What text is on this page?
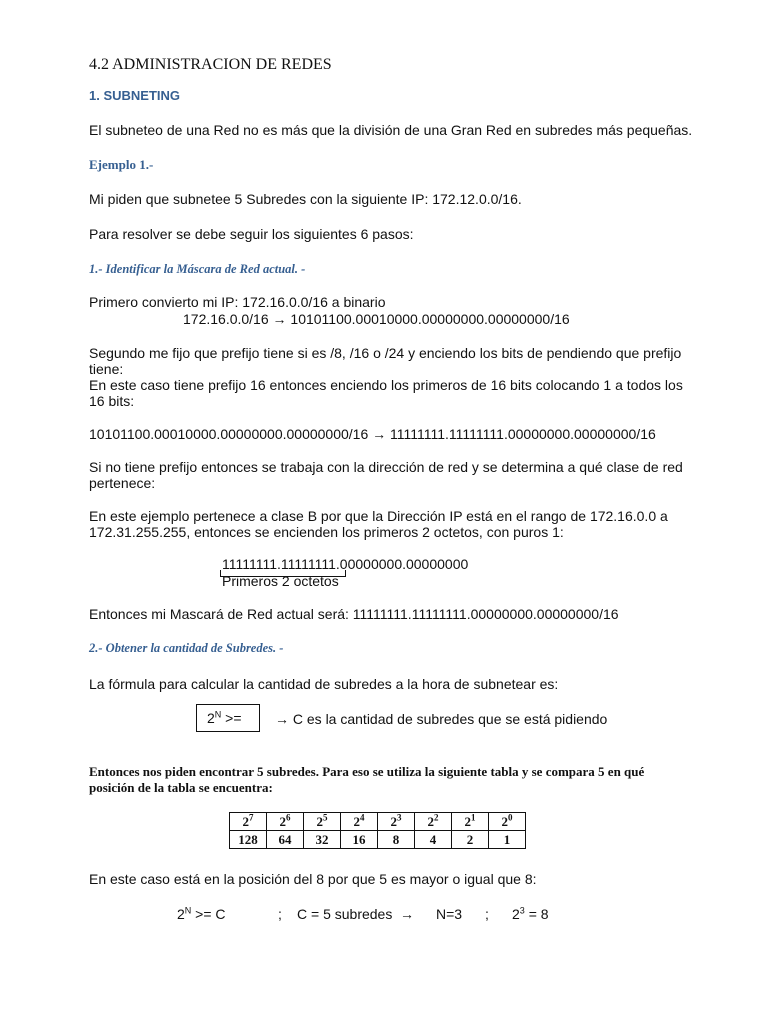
4.2 ADMINISTRACION DE REDES
1. SUBNETING
El subneteo de una Red no es más que la división de una Gran Red en subredes más pequeñas.
Ejemplo 1.-
Mi piden que subnetee 5 Subredes con la siguiente IP: 172.12.0.0/16.
Para resolver se debe seguir los siguientes 6 pasos:
1.- Identificar la Máscara de Red actual. -
Primero convierto mi IP: 172.16.0.0/16 a binario
172.16.0.0/16 → 10101100.00010000.00000000.00000000/16
Segundo me fijo que prefijo tiene si es /8, /16 o /24 y enciendo los bits de pendiendo que prefijo
tiene:
En este caso tiene prefijo 16 entonces enciendo los primeros de 16 bits colocando 1 a todos los
16 bits:
10101100.00010000.00000000.00000000/16 → 11111111.11111111.00000000.00000000/16
Si no tiene prefijo entonces se trabaja con la dirección de red y se determina a qué clase de red
pertenece:
En este ejemplo pertenece a clase B por que la Dirección IP está en el rango de 172.16.0.0 a
172.31.255.255, entonces se encienden los primeros 2 octetos, con puros 1:
11111111.11111111.00000000.00000000
Primeros 2 octetos
Entonces mi Mascará de Red actual será: 11111111.11111111.00000000.00000000/16
2.- Obtener la cantidad de Subredes. -
La fórmula para calcular la cantidad de subredes a la hora de subnetear es:
$2^N$ >=	→ C es la cantidad de subredes que se está pidiendo
Entonces nos piden encontrar 5 subredes. Para eso se utiliza la siguiente tabla y se compara 5 en qué
posición de la tabla se encuentra:
$2^7$	$2^6$	$2^5$	$2^4$	$2^3$	$2^2$	$2^1$	$2^0$
128	64	32	16	8	4	2	1
En este caso está en la posición del 8 por que 5 es mayor o igual que 8:
$2^N >= C$	; C = 5 subredes → N=3 ; $2^3 = 8$
